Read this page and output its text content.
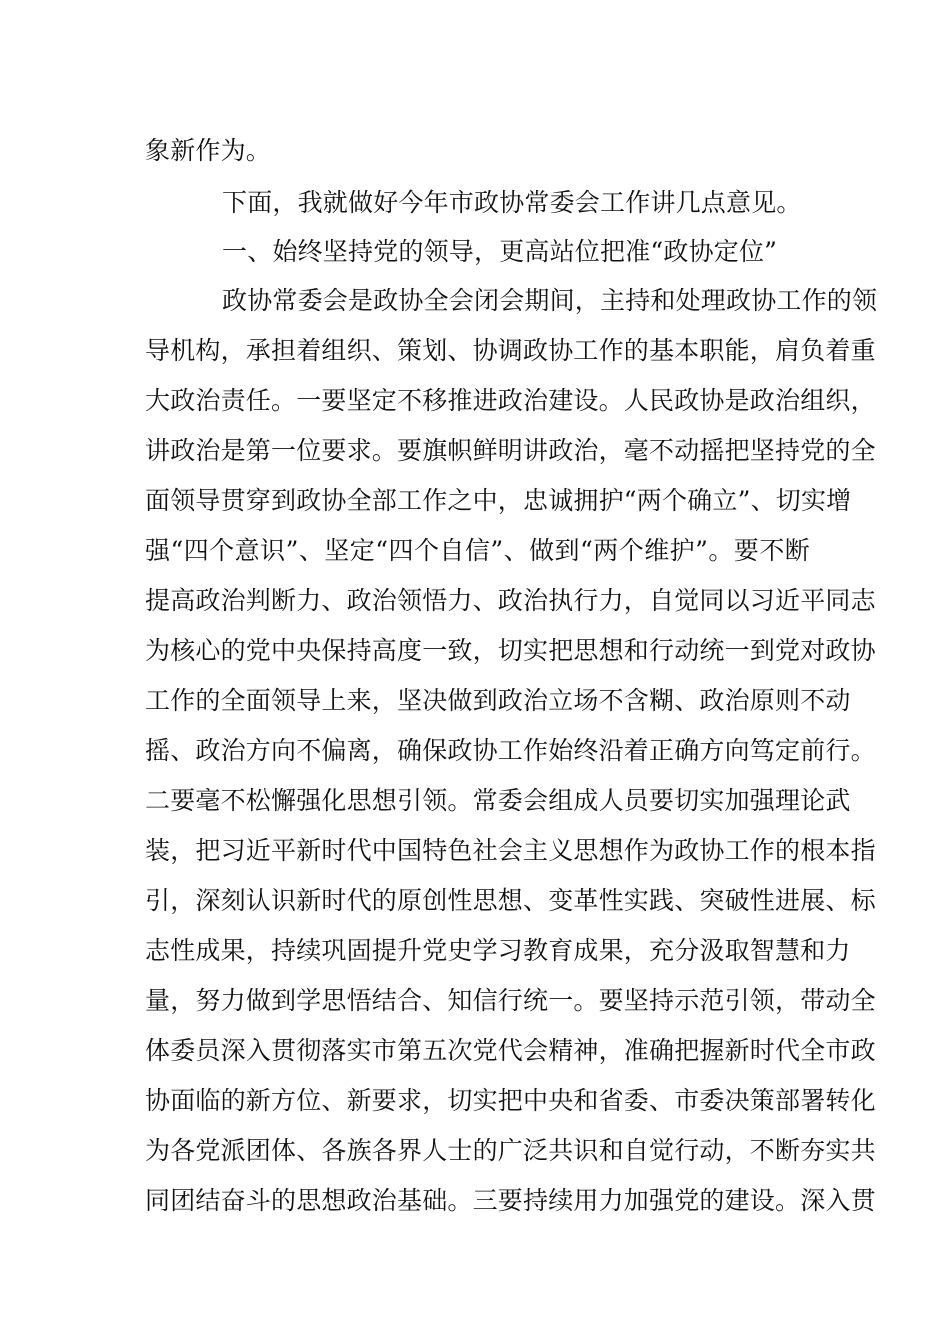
象新作为。
下面，我就做好今年市政协常委会工作讲几点意见。
一、始终坚持党的领导，更高站位把准“政协定位”
政协常委会是政协全会闭会期间，主持和处理政协工作的领
导机构，承担着组织、策划、协调政协工作的基本职能，肩负着重
大政治责任。一要坚定不移推进政治建设。人民政协是政治组织，
讲政治是第一位要求。要旗帜鲜明讲政治，毫不动摇把坚持党的全
面领导贯穿到政协全部工作之中，忠诚拥护“两个确立”、切实增
强“四个意识”、坚定“四个自信”、做到“两个维护”。要不断
提高政治判断力、政治领悟力、政治执行力，自觉同以习近平同志
为核心的党中央保持高度一致，切实把思想和行动统一到党对政协
工作的全面领导上来，坚决做到政治立场不含糊、政治原则不动
摇、政治方向不偏离，确保政协工作始终沿着正确方向笃定前行。
二要毫不松懈强化思想引领。常委会组成人员要切实加强理论武
装，把习近平新时代中国特色社会主义思想作为政协工作的根本指
引，深刻认识新时代的原创性思想、变革性实践、突破性进展、标
志性成果，持续巩固提升党史学习教育成果，充分汲取智慧和力
量，努力做到学思悟结合、知信行统一。要坚持示范引领，带动全
体委员深入贯彻落实市第五次党代会精神，准确把握新时代全市政
协面临的新方位、新要求，切实把中央和省委、市委决策部署转化
为各党派团体、各族各界人士的广泛共识和自觉行动，不断夯实共
同团结奋斗的思想政治基础。三要持续用力加强党的建设。深入贯
